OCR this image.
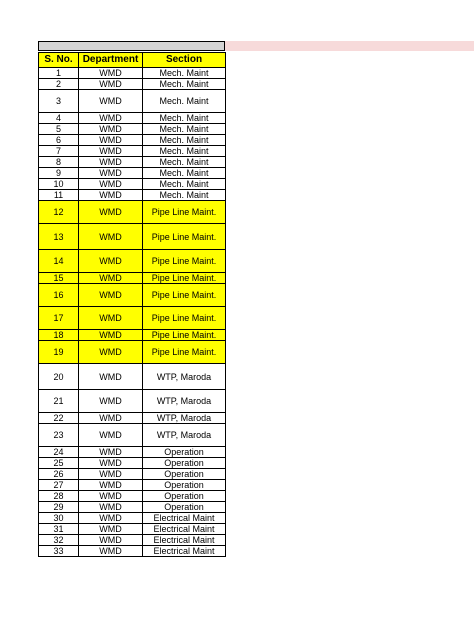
S. No.	Department	Section
1	WMD	Mech. Maint
2	WMD	Mech. Maint
3	WMD	Mech. Maint
4	WMD	Mech. Maint
5	WMD	Mech. Maint
6	WMD	Mech. Maint
7	WMD	Mech. Maint
8	WMD	Mech. Maint
9	WMD	Mech. Maint
10	WMD	Mech. Maint
11	WMD	Mech. Maint
12	WMD	Pipe Line Maint.
13	WMD	Pipe Line Maint.
14	WMD	Pipe Line Maint.
15	WMD	Pipe Line Maint.
16	WMD	Pipe Line Maint.
17	WMD	Pipe Line Maint.
18	WMD	Pipe Line Maint.
19	WMD	Pipe Line Maint.
20	WMD	WTP, Maroda
21	WMD	WTP, Maroda
22	WMD	WTP, Maroda
23	WMD	WTP, Maroda
24	WMD	Operation
25	WMD	Operation
26	WMD	Operation
27	WMD	Operation
28	WMD	Operation
29	WMD	Operation
30	WMD	Electrical Maint
31	WMD	Electrical Maint
32	WMD	Electrical Maint
33	WMD	Electrical Maint
